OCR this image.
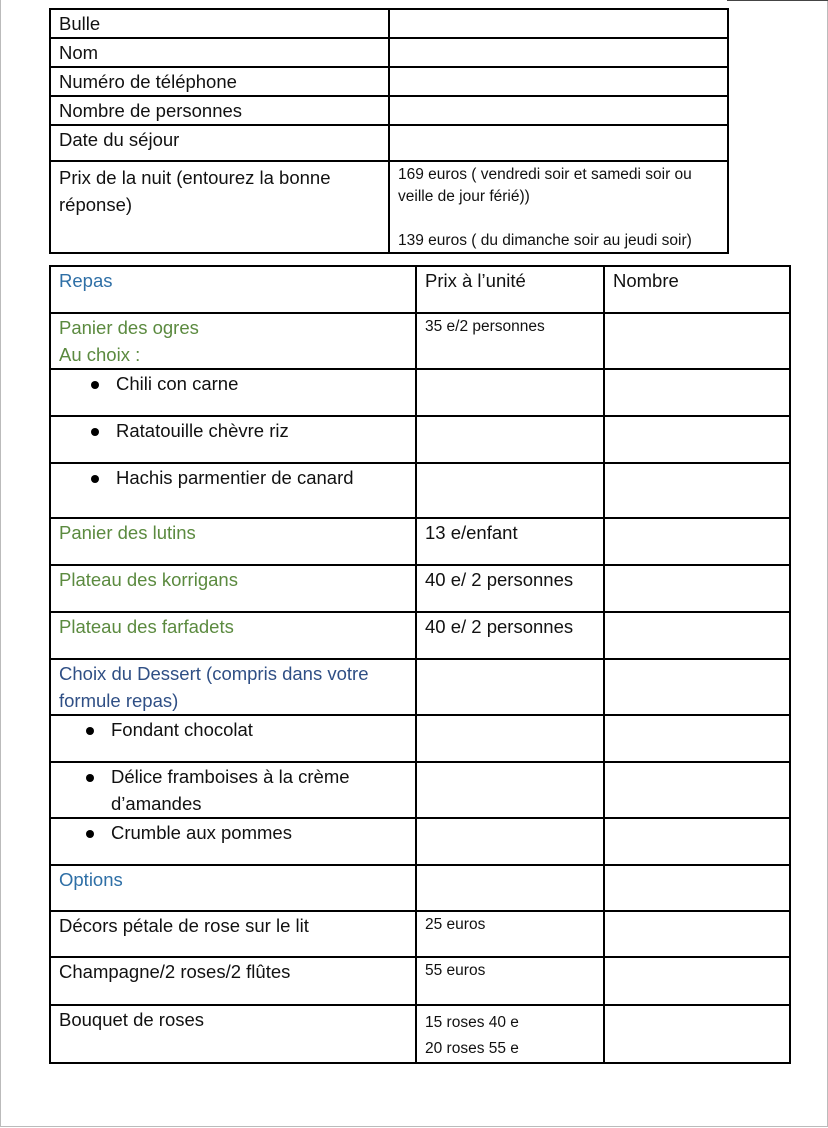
Bulle	
Nom	
Numéro de téléphone	
Nombre de personnes	
Date du séjour	
Prix de la nuit (entourez la bonne réponse)	169 euros ( vendredi soir et samedi soir ou veille de jour férié))
139 euros ( du dimanche soir au jeudi soir)
Repas	Prix à l’unité	Nombre

Panier des ogres
Au choix :	35 e/2 personnes	
Chili con carne		
Ratatouille chèvre riz		
Hachis parmentier de canard		
Panier des lutins	13 e/enfant	
Plateau des korrigans	40 e/ 2 personnes	
Plateau des farfadets	40 e/ 2 personnes	
Choix du Dessert (compris dans votre formule repas)		
Fondant chocolat		
Délice framboises à la crème d’amandes		
Crumble aux pommes		
Options		
Décors pétale de rose sur le lit	25 euros	
Champagne/2 roses/2 flûtes	55 euros	
Bouquet de roses	15 roses 40 e
20 roses 55 e	
